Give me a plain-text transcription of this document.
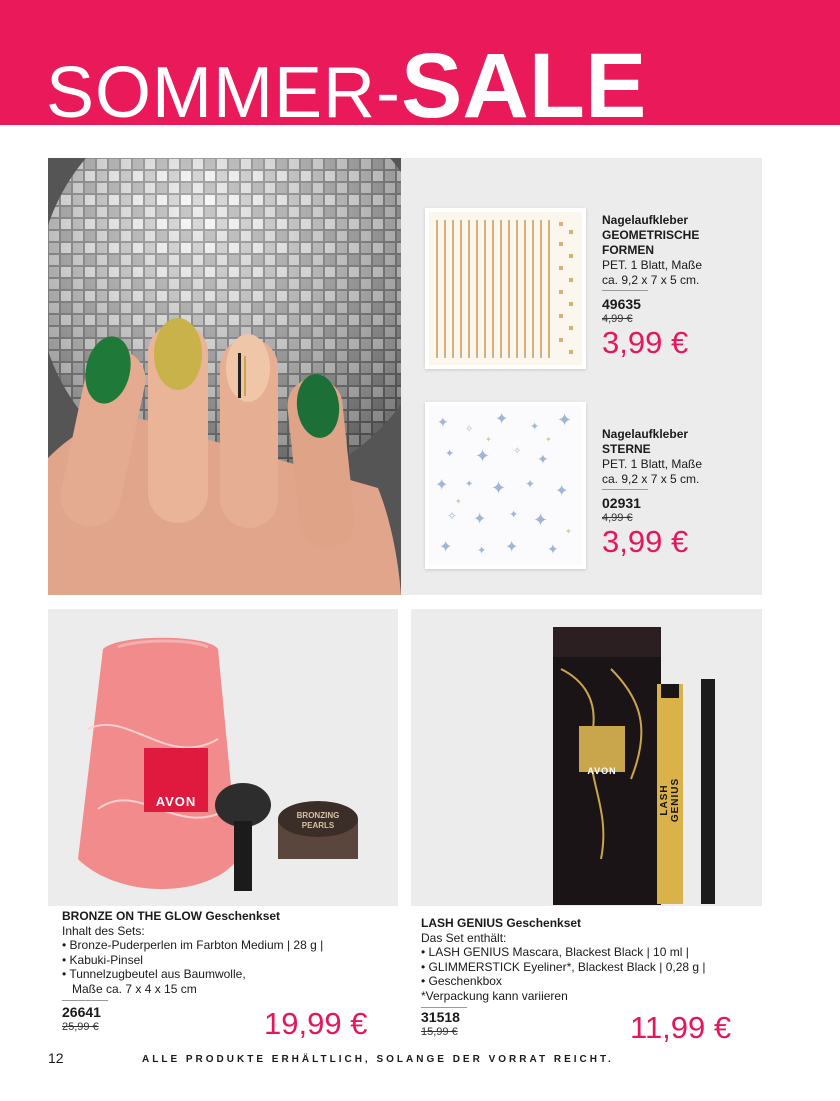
SOMMER-SALE
Nagelaufkleber
GEOMETRISCHE
FORMEN
PET. 1 Blatt, Maße
ca. 9,2 x 7 x 5 cm.
49635
4,99 €
3,99 €
✦ ✧
✦ ✦ ✦
✦ ✦ ✧
✦
✦ ✦ ✦ ✦ ✦
✧ ✦ ✦ ✦
✦ ✦ ✦ ✦
✦	✦
✦
✦
Nagelaufkleber
STERNE
PET. 1 Blatt, Maße
ca. 9,2 x 7 x 5 cm.
02931
4,99 €
3,99 €
AVON
BRONZING
PEARLS
BRONZE ON THE GLOW Geschenkset
Inhalt des Sets:
• Bronze-Puderperlen im Farbton Medium | 28 g |
• Kabuki-Pinsel
• Tunnelzugbeutel aus Baumwolle,
Maße ca. 7 x 4 x 15 cm
26641
25,99 €	19,99 €
AVON
LASH GENIUS
LASH GENIUS Geschenkset
Das Set enthält:
• LASH GENIUS Mascara, Blackest Black | 10 ml |
• GLIMMERSTICK Eyeliner*, Blackest Black | 0,28 g |
• Geschenkbox
*Verpackung kann variieren
31518
15,99 €	11,99 €
12	ALLE PRODUKTE ERHÄLTLICH, SOLANGE DER VORRAT REICHT.
